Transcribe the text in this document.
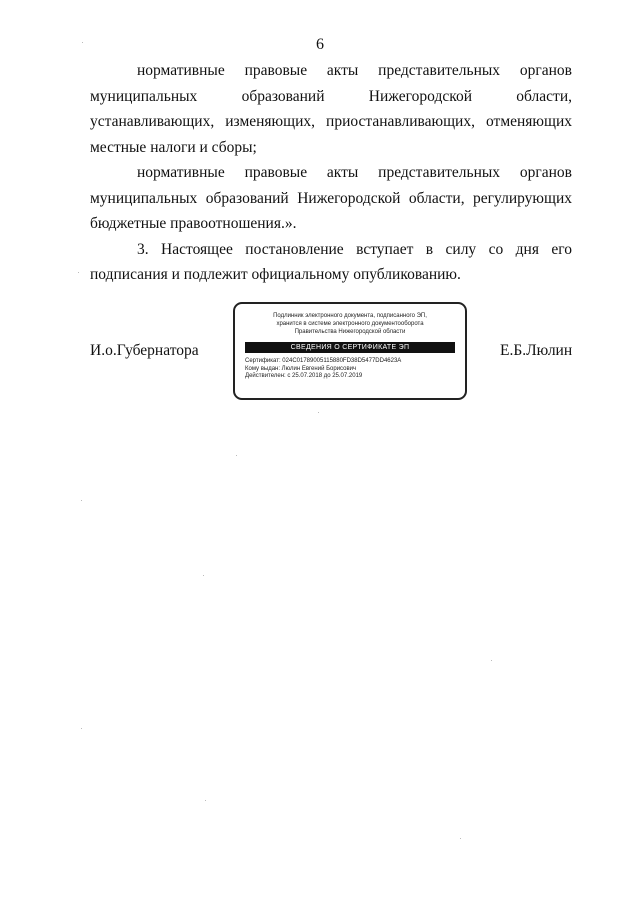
6

нормативные правовые акты представительных органов муниципальных образований Нижегородской области, устанавливающих, изменяющих, приостанавливающих, отменяющих местные налоги и сборы;

нормативные правовые акты представительных органов муниципальных образований Нижегородской области, регулирующих бюджетные правоотношения.».

3. Настоящее постановление вступает в силу со дня его подписания и подлежит официальному опубликованию.

И.о.Губернатора
Подлинник электронного документа, подписанного ЭП,
хранится в системе электронного документооборота
Правительства Нижегородской области
СВЕДЕНИЯ О СЕРТИФИКАТЕ ЭП
Сертификат: 024C01789005115880FD38D5477DD4623A
Кому выдан: Люлин Евгений Борисович
Действителен: с 25.07.2018 до 25.07.2019
Е.Б.Люлин
